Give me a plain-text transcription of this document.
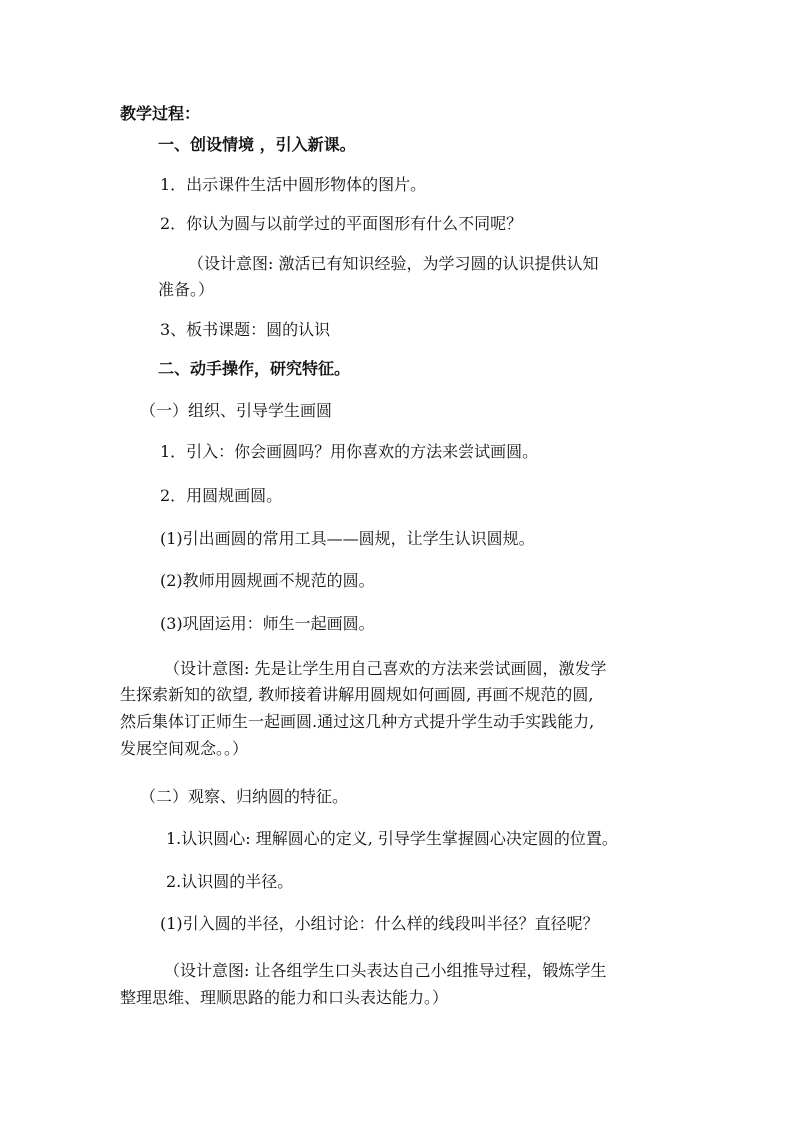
教学过程：
一、创设情境 ，引入新课。
1．出示课件生活中圆形物体的图片。
2．你认为圆与以前学过的平面图形有什么不同呢？
（设计意图: 激活已有知识经验，为学习圆的认识提供认知
准备。）
3、板书课题：圆的认识
二、动手操作，研究特征。
（一）组织、引导学生画圆
1．引入：你会画圆吗？用你喜欢的方法来尝试画圆。
2．用圆规画圆。
(1)引出画圆的常用工具——圆规，让学生认识圆规。
(2)教师用圆规画不规范的圆。
(3)巩固运用：师生一起画圆。
（设计意图: 先是让学生用自己喜欢的方法来尝试画圆，激发学
生探索新知的欲望, 教师接着讲解用圆规如何画圆, 再画不规范的圆,
然后集体订正师生一起画圆.通过这几种方式提升学生动手实践能力,
发展空间观念。。）
（二）观察、归纳圆的特征。
1.认识圆心: 理解圆心的定义, 引导学生掌握圆心决定圆的位置。
2.认识圆的半径。
(1)引入圆的半径，小组讨论：什么样的线段叫半径？直径呢？
（设计意图: 让各组学生口头表达自己小组推导过程，锻炼学生
整理思维、理顺思路的能力和口头表达能力。）
